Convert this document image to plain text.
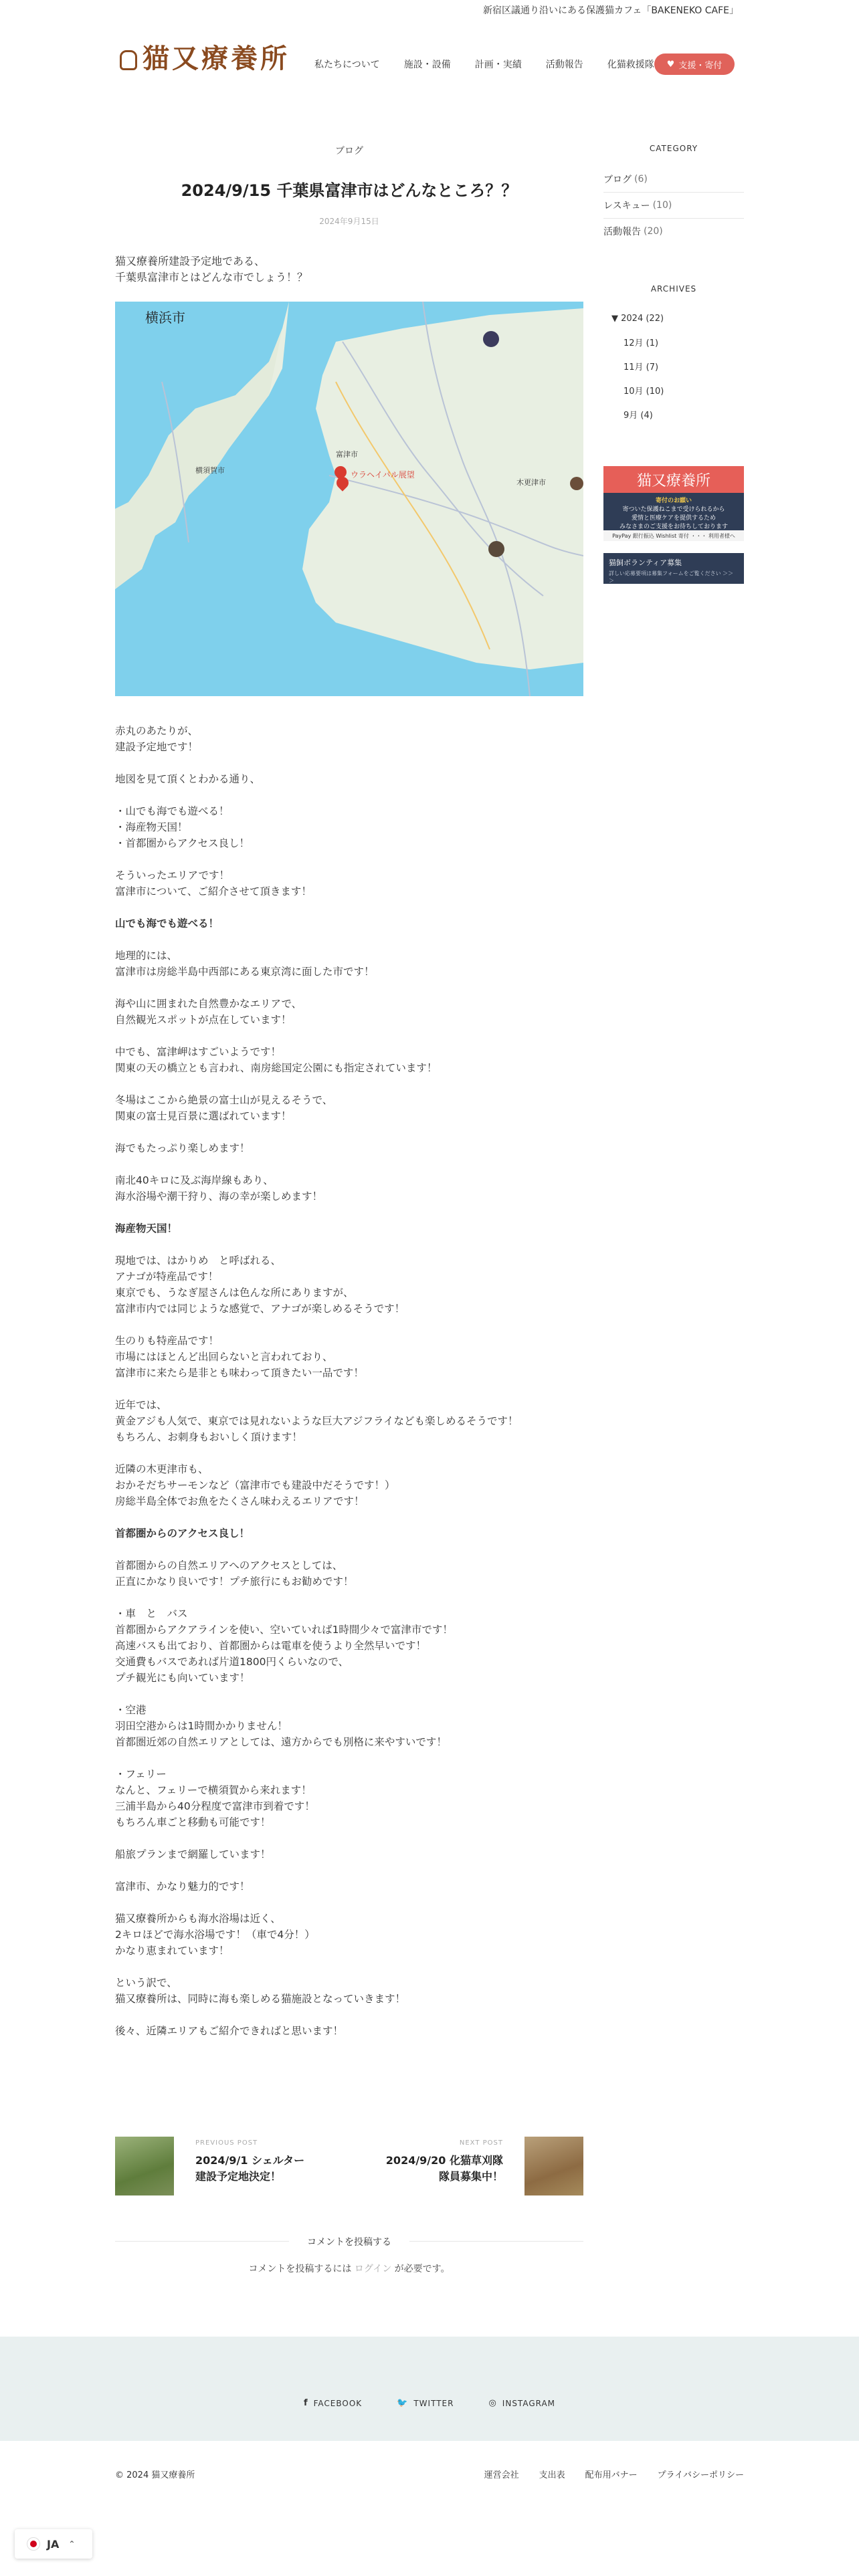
新宿区議通り沿いにある保護猫カフェ「BAKENEKO CAFE」
猫又療養所	私たちについて	施設・設備	計画・実績	活動報告	化猫救援隊 ♥ 支援・寄付
ブログ
2024/9/15 千葉県富津市はどんなところ？？
2024年9月15日
猫又療養所建設予定地である、
千葉県富津市とはどんな市でしょう！？
横浜市
横須賀市
富津市
木更津市
ウラヘイパル展望

赤丸のあたりが、
建設予定地です！

地図を見て頂くとわかる通り、

・山でも海でも遊べる！
・海産物天国！
・首都圏からアクセス良し！

そういったエリアです！
富津市について、ご紹介させて頂きます！

山でも海でも遊べる！

地理的には、
富津市は房総半島中西部にある東京湾に面した市です！

海や山に囲まれた自然豊かなエリアで、
自然観光スポットが点在しています！

中でも、富津岬はすごいようです！
関東の天の橋立とも言われ、南房総国定公園にも指定されています！

冬場はここから絶景の富士山が見えるそうで、
関東の富士見百景に選ばれています！

海でもたっぷり楽しめます！

南北40キロに及ぶ海岸線もあり、
海水浴場や潮干狩り、海の幸が楽しめます！

海産物天国！

現地では、はかりめ　と呼ばれる、
アナゴが特産品です！
東京でも、うなぎ屋さんは色んな所にありますが、
富津市内では同じような感覚で、アナゴが楽しめるそうです！

生のりも特産品です！
市場にはほとんど出回らないと言われており、
富津市に来たら是非とも味わって頂きたい一品です！

近年では、
黄金アジも人気で、東京では見れないような巨大アジフライなども楽しめるそうです！
もちろん、お刺身もおいしく頂けます！

近隣の木更津市も、
おかそだちサーモンなど（富津市でも建設中だそうです！）
房総半島全体でお魚をたくさん味わえるエリアです！

首都圏からのアクセス良し！

首都圏からの自然エリアへのアクセスとしては、
正直にかなり良いです！プチ旅行にもお勧めです！

・車　と　バス
首都圏からアクアラインを使い、空いていれば1時間少々で富津市です！
高速バスも出ており、首都圏からは電車を使うより全然早いです！
交通費もバスであれば片道1800円くらいなので、
プチ観光にも向いています！

・空港
羽田空港からは1時間かかりません！
首都圏近郊の自然エリアとしては、遠方からでも別格に来やすいです！

・フェリー
なんと、フェリーで横須賀から来れます！
三浦半島から40分程度で富津市到着です！
もちろん車ごと移動も可能です！

船旅プランまで網羅しています！

富津市、かなり魅力的です！

猫又療養所からも海水浴場は近く、
2キロほどで海水浴場です！（車で4分！）
かなり恵まれています！

という訳で、
猫又療養所は、同時に海も楽しめる猫施設となっていきます！

後々、近隣エリアもご紹介できればと思います！

CATEGORY
ブログ (6)
レスキュー (10)
活動報告 (20)
ARCHIVES
▼ 2024 (22)
12月 (1)
11月 (7)
10月 (10)
9月 (4)
猫又療養所
寄付のお願い
寄ついた保護ねこまで受けられるから
愛情と医療ケアを提供するため
みなさまのご支援をお待ちしております
PayPay 銀行振込 Wishlist 寄付 ・・・ 利用者様へ
猫飼ボランティア募集
詳しい応募要項は募集フォームをご覧ください ＞＞＞
PREVIOUS POST
2024/9/1 シェルター
建設予定地決定！
NEXT POST
2024/9/20 化猫草刈隊
隊員募集中！
コメントを投稿する
コメントを投稿するには ログイン が必要です。
f FACEBOOK	🐦 TWITTER	◎ INSTAGRAM
© 2024 猫又療養所	運営会社 支出表 配布用バナー プライバシーポリシー
JA ⌃
